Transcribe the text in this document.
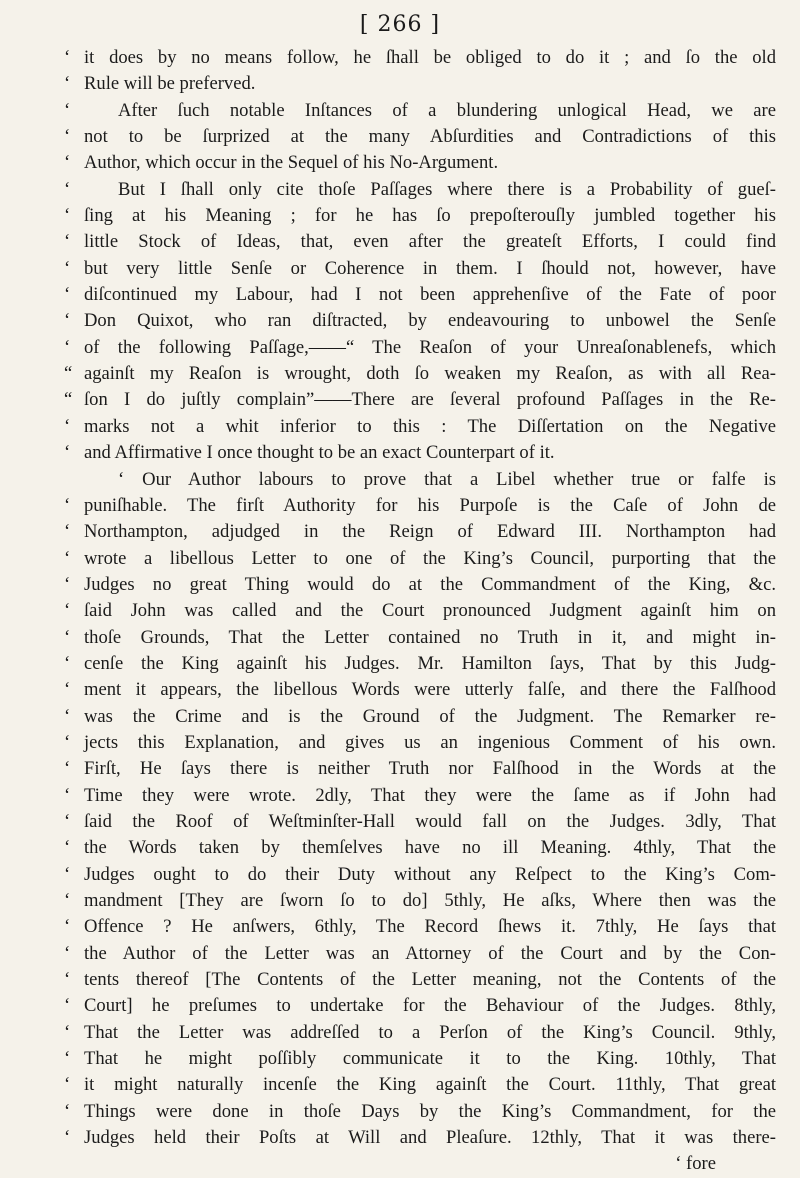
[ 266 ]
‘ it does by no means follow, he ſhall be obliged to do it ; and ſo the old
‘ Rule will be preferved.
‘	After ſuch notable Inſtances of a blundering unlogical Head, we are
‘ not to be ſurprized at the many Abſurdities and Contradictions of this
‘ Author, which occur in the Sequel of his No-Argument.
‘	But I ſhall only cite thoſe Paſſages where there is a Probability of gueſ-
‘ ſing at his Meaning ; for he has ſo prepoſterouſly jumbled together his
‘ little Stock of Ideas, that, even after the greateſt Efforts, I could find
‘ but very little Senſe or Coherence in them. I ſhould not, however, have
‘ diſcontinued my Labour, had I not been apprehenſive of the Fate of poor
‘ Don Quixot, who ran diſtracted, by endeavouring to unbowel the Senſe
‘ of the following Paſſage,——“ The Reaſon of your Unreaſonablenefs, which
“ againſt my Reaſon is wrought, doth ſo weaken my Reaſon, as with all Rea-
“ ſon I do juſtly complain”——There are ſeveral profound Paſſages in the Re-
‘ marks not a whit inferior to this : The Diſſertation on the Negative
‘ and Affirmative I once thought to be an exact Counterpart of it.
‘ Our Author labours to prove that a Libel whether true or falfe is
‘ puniſhable. The firſt Authority for his Purpoſe is the Caſe of John de
‘ Northampton, adjudged in the Reign of Edward III. Northampton had
‘ wrote a libellous Letter to one of the King’s Council, purporting that the
‘ Judges no great Thing would do at the Commandment of the King, &c.
‘ ſaid John was called and the Court pronounced Judgment againſt him on
‘ thoſe Grounds, That the Letter contained no Truth in it, and might in-
‘ cenſe the King againſt his Judges. Mr. Hamilton ſays, That by this Judg-
‘ ment it appears, the libellous Words were utterly falſe, and there the Falſhood
‘ was the Crime and is the Ground of the Judgment. The Remarker re-
‘ jects this Explanation, and gives us an ingenious Comment of his own.
‘ Firſt, He ſays there is neither Truth nor Falſhood in the Words at the
‘ Time they were wrote. 2dly, That they were the ſame as if John had
‘ ſaid the Roof of Weſtminſter-Hall would fall on the Judges. 3dly, That
‘ the Words taken by themſelves have no ill Meaning. 4thly, That the
‘ Judges ought to do their Duty without any Reſpect to the King’s Com-
‘ mandment [They are ſworn ſo to do] 5thly, He aſks, Where then was the
‘ Offence ? He anſwers, 6thly, The Record ſhews it. 7thly, He ſays that
‘ the Author of the Letter was an Attorney of the Court and by the Con-
‘ tents thereof [The Contents of the Letter meaning, not the Contents of the
‘ Court] he preſumes to undertake for the Behaviour of the Judges. 8thly,
‘ That the Letter was addreſſed to a Perſon of the King’s Council. 9thly,
‘ That he might poſſibly communicate it to the King. 10thly, That
‘ it might naturally incenſe the King againſt the Court. 11thly, That great
‘ Things were done in thoſe Days by the King’s Commandment, for the
‘ Judges held their Poſts at Will and Pleaſure. 12thly, That it was there-
‘ fore
